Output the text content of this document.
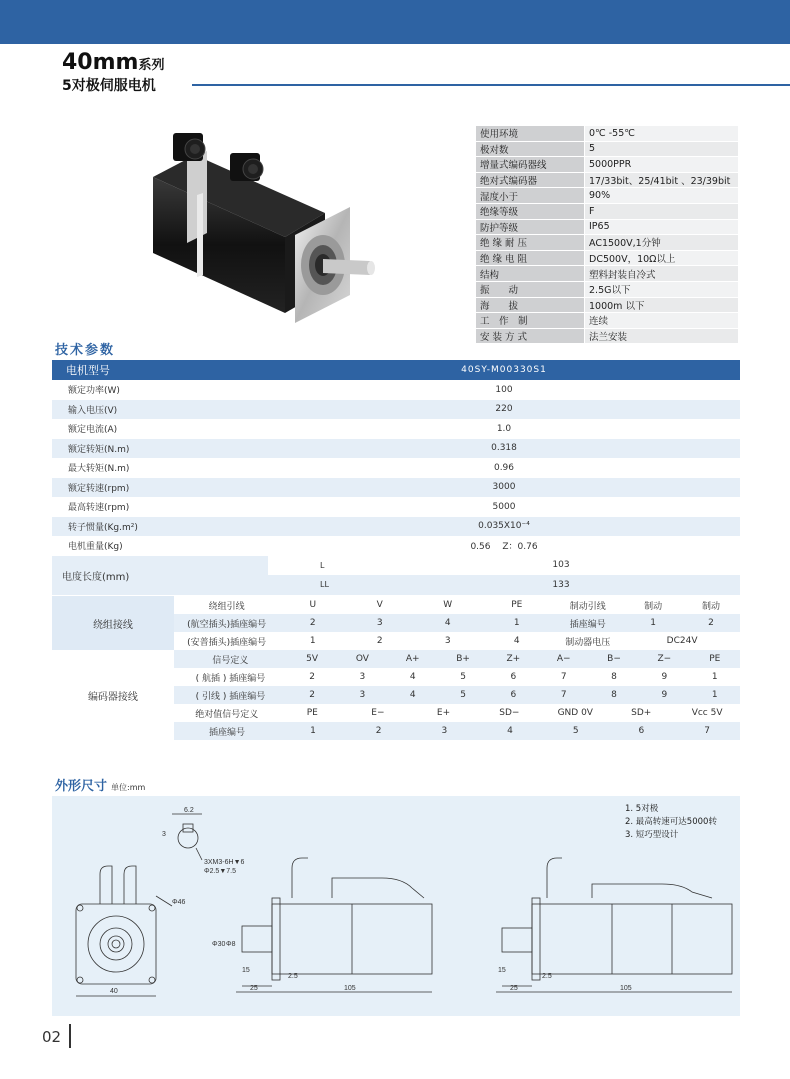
40mm系列
5对极伺服电机
使用环境	0℃ -55℃
极对数	5
增量式编码器线	5000PPR
绝对式编码器	17/33bit、25/41bit 、23/39bit
湿度小于	90%
绝缘等级	F
防护等级	IP65
绝 缘 耐 压	AC1500V,1分钟
绝 缘 电 阻	DC500V，10Ω以上
结构	塑料封装自冷式
振　　动	2.5G以下
海　　拔	1000m 以下
工　作　制	连续
安 装 方 式	法兰安装
技术参数
电机型号	40SY-M00330S1	
额定功率(W)	100	
输入电压(V)	220	
额定电流(A)	1.0	
额定转矩(N.m)	0.318	
最大转矩(N.m)	0.96	
额定转速(rpm)	3000	
最高转速(rpm)	5000	
转子惯量(Kg.m²)	0.035X10⁻⁴	
电机重量(Kg)	0.56　 Z：0.76	
电度长度(mm)	L	103
	LL	133
绕组接线	绕组引线	U	V	W	PE	制动引线	制动	制动
(航空插头)插座编号	2	3	4	1	插座编号	1	2
(安普插头)插座编号	1	2	3	4	制动器电压	DC24V
编码器接线	
信号定义	5V	OV	A+	B+	Z+	A−	B−	Z−	PE

( 航插 ) 插座编号	2	3	4	5	6	7	8	9	1

( 引线 ) 插座编号	2	3	4	5	6	7	8	9	1

绝对值信号定义	PE	E−	E+	SD−	GND 0V	SD+	Vcc 5V

插座编号	1	2	3	4	5	6	7
外形尺寸 单位:mm
6.2
3XM3-6H▼6
Φ2.5▼7.5
Φ46
40
3
Φ30 Φ8
15
2.5
25	105
15
2.5
25	105
1. 5对极
2. 最高转速可达5000转
3. 短巧型设计
02
